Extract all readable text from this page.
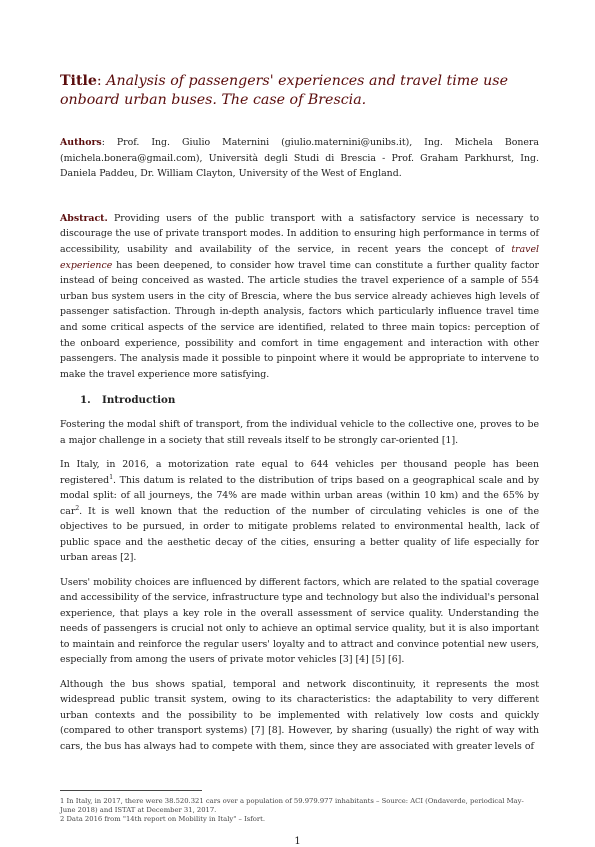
Title: Analysis of passengers' experiences and travel time use onboard urban buses. The case of Brescia.

Authors: Prof. Ing. Giulio Maternini (giulio.maternini@unibs.it), Ing. Michela Bonera (michela.bonera@gmail.com), Università degli Studi di Brescia - Prof. Graham Parkhurst, Ing. Daniela Paddeu, Dr. William Clayton, University of the West of England.

Abstract. Providing users of the public transport with a satisfactory service is necessary to discourage the use of private transport modes. In addition to ensuring high performance in terms of accessibility, usability and availability of the service, in recent years the concept of travel experience has been deepened, to consider how travel time can constitute a further quality factor instead of being conceived as wasted. The article studies the travel experience of a sample of 554 urban bus system users in the city of Brescia, where the bus service already achieves high levels of passenger satisfaction. Through in-depth analysis, factors which particularly influence travel time and some critical aspects of the service are identified, related to three main topics: perception of the onboard experience, possibility and comfort in time engagement and interaction with other passengers. The analysis made it possible to pinpoint where it would be appropriate to intervene to make the travel experience more satisfying.

1. Introduction

Fostering the modal shift of transport, from the individual vehicle to the collective one, proves to be a major challenge in a society that still reveals itself to be strongly car-oriented [1].

In Italy, in 2016, a motorization rate equal to 644 vehicles per thousand people has been registered$^1$. This datum is related to the distribution of trips based on a geographical scale and by modal split: of all journeys, the 74% are made within urban areas (within 10 km) and the 65% by car$^2$. It is well known that the reduction of the number of circulating vehicles is one of the objectives to be pursued, in order to mitigate problems related to environmental health, lack of public space and the aesthetic decay of the cities, ensuring a better quality of life especially for urban areas [2].

Users' mobility choices are influenced by different factors, which are related to the spatial coverage and accessibility of the service, infrastructure type and technology but also the individual's personal experience, that plays a key role in the overall assessment of service quality. Understanding the needs of passengers is crucial not only to achieve an optimal service quality, but it is also important to maintain and reinforce the regular users' loyalty and to attract and convince potential new users, especially from among the users of private motor vehicles [3] [4] [5] [6].

Although the bus shows spatial, temporal and network discontinuity, it represents the most widespread public transit system, owing to its characteristics: the adaptability to very different urban contexts and the possibility to be implemented with relatively low costs and quickly (compared to other transport systems) [7] [8]. However, by sharing (usually) the right of way with cars, the bus has always had to compete with them, since they are associated with greater levels of

1 In Italy, in 2017, there were 38.520.321 cars over a population of 59.979.977 inhabitants – Source: ACI (Ondaverde, periodical May-June 2018) and ISTAT at December 31, 2017.

2 Data 2016 from "14th report on Mobility in Italy" – Isfort.

1
